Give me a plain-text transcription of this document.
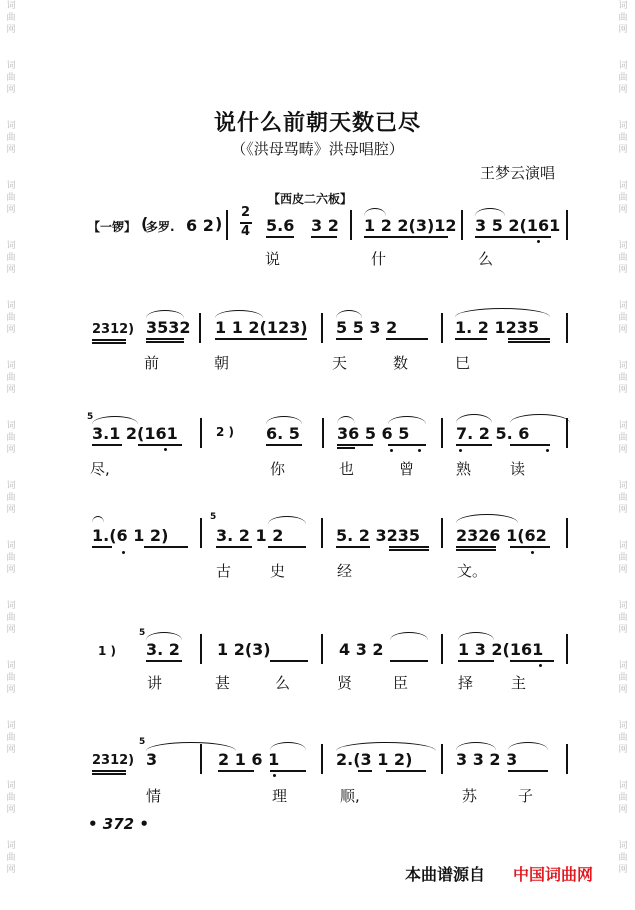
词
曲
网
词
曲
网
词
曲
网
词
曲
网
词
曲
网
词
曲
网
词
曲
网
词
曲
网
词
曲
网
词
曲
网
词
曲
网
词
曲
网
词
曲
网
词
曲
网
词
曲
网
词
曲
网
词
曲
网
词
曲
网
词
曲
网
词
曲
网
词
曲
网
词
曲
网
词
曲
网
词
曲
网
词
曲
网
词
曲
网
词
曲
网
词
曲
网
词
曲
网
词
曲
网
说什么前朝天数已尽
（《洪母骂畴》洪母唱腔）
王梦云演唱
【一锣】
【西皮二六板】
多罗. 6 2
(	)
2
4 5.6 3 2 1 2 2(3)12 3 5 2(161
说	什	么
2312) 3532 1 1 2(123) 5 5 3 2	1. 2 1235
前	朝	天	数	巳
5
3.1 2(161	2 ) 6. 5 36 5 6 5	7. 2 5. 6
尽,	你	也	曾	熟	读
1.(6 1 2)
5
3. 2 1 2	5. 2 3235 2326 1(62
古	史	经	文。
1 )
5
3. 2 1 2(3)	4 3 2	1 3 2(161
讲	甚	么	贤	臣	择	主
2312)
5
3	2 1 6 1	2.(3 1 2)	3 3 2 3
情	理	顺,	苏	子
• 372 •
本曲谱源自 中国词曲网
